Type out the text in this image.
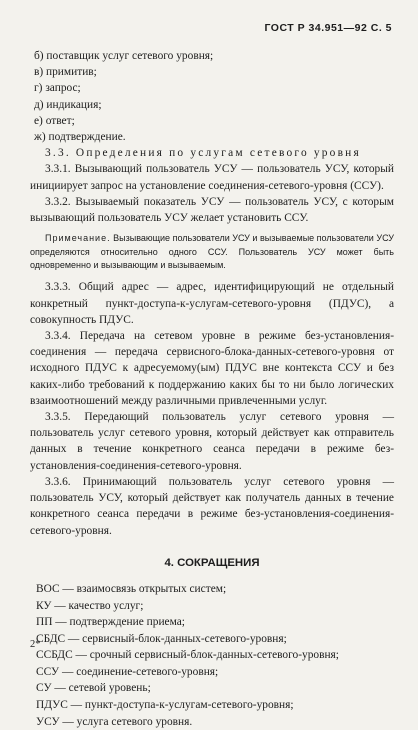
ГОСТ Р 34.951—92 С. 5

б) поставщик услуг сетевого уровня;

в) примитив;

г) запрос;

д) индикация;

е) ответ;

ж) подтверждение.

3.3. Определения по услугам сетевого уровня

3.3.1. Вызывающий пользователь УСУ — пользователь УСУ, который инициирует запрос на установление соединения-сетевого-уровня (ССУ).

3.3.2. Вызываемый показатель УСУ — пользователь УСУ, с которым вызывающий пользователь УСУ желает установить ССУ.

Примечание. Вызывающие пользователи УСУ и вызываемые пользователи УСУ определяются относительно одного ССУ. Пользователь УСУ может быть одновременно и вызывающим и вызываемым.

3.3.3. Общий адрес — адрес, идентифицирующий не отдельный конкретный пункт-доступа-к-услугам-сетевого-уровня (ПДУС), а совокупность ПДУС.

3.3.4. Передача на сетевом уровне в режиме без-установления-соединения — передача сервисного-блока-данных-сетевого-уровня от исходного ПДУС к адресуемому(ым) ПДУС вне контекста ССУ и без каких-либо требований к поддержанию каких бы то ни было логических взаимоотношений между различными привлеченными услуг.

3.3.5. Передающий пользователь услуг сетевого уровня — пользователь услуг сетевого уровня, который действует как отправитель данных в течение конкретного сеанса передачи в режиме без-установления-соединения-сетевого-уровня.

3.3.6. Принимающий пользователь услуг сетевого уровня — пользователь УСУ, который действует как получатель данных в течение конкретного сеанса передачи в режиме без-установления-соединения-сетевого-уровня.

4. СОКРАЩЕНИЯ

ВОС — взаимосвязь открытых систем;

КУ — качество услуг;

ПП — подтверждение приема;

СБДС — сервисный-блок-данных-сетевого-уровня;

ССБДС — срочный сервисный-блок-данных-сетевого-уровня;

ССУ — соединение-сетевого-уровня;

СУ — сетевой уровень;

ПДУС — пункт-доступа-к-услугам-сетевого-уровня;

УСУ — услуга сетевого уровня.

2*
